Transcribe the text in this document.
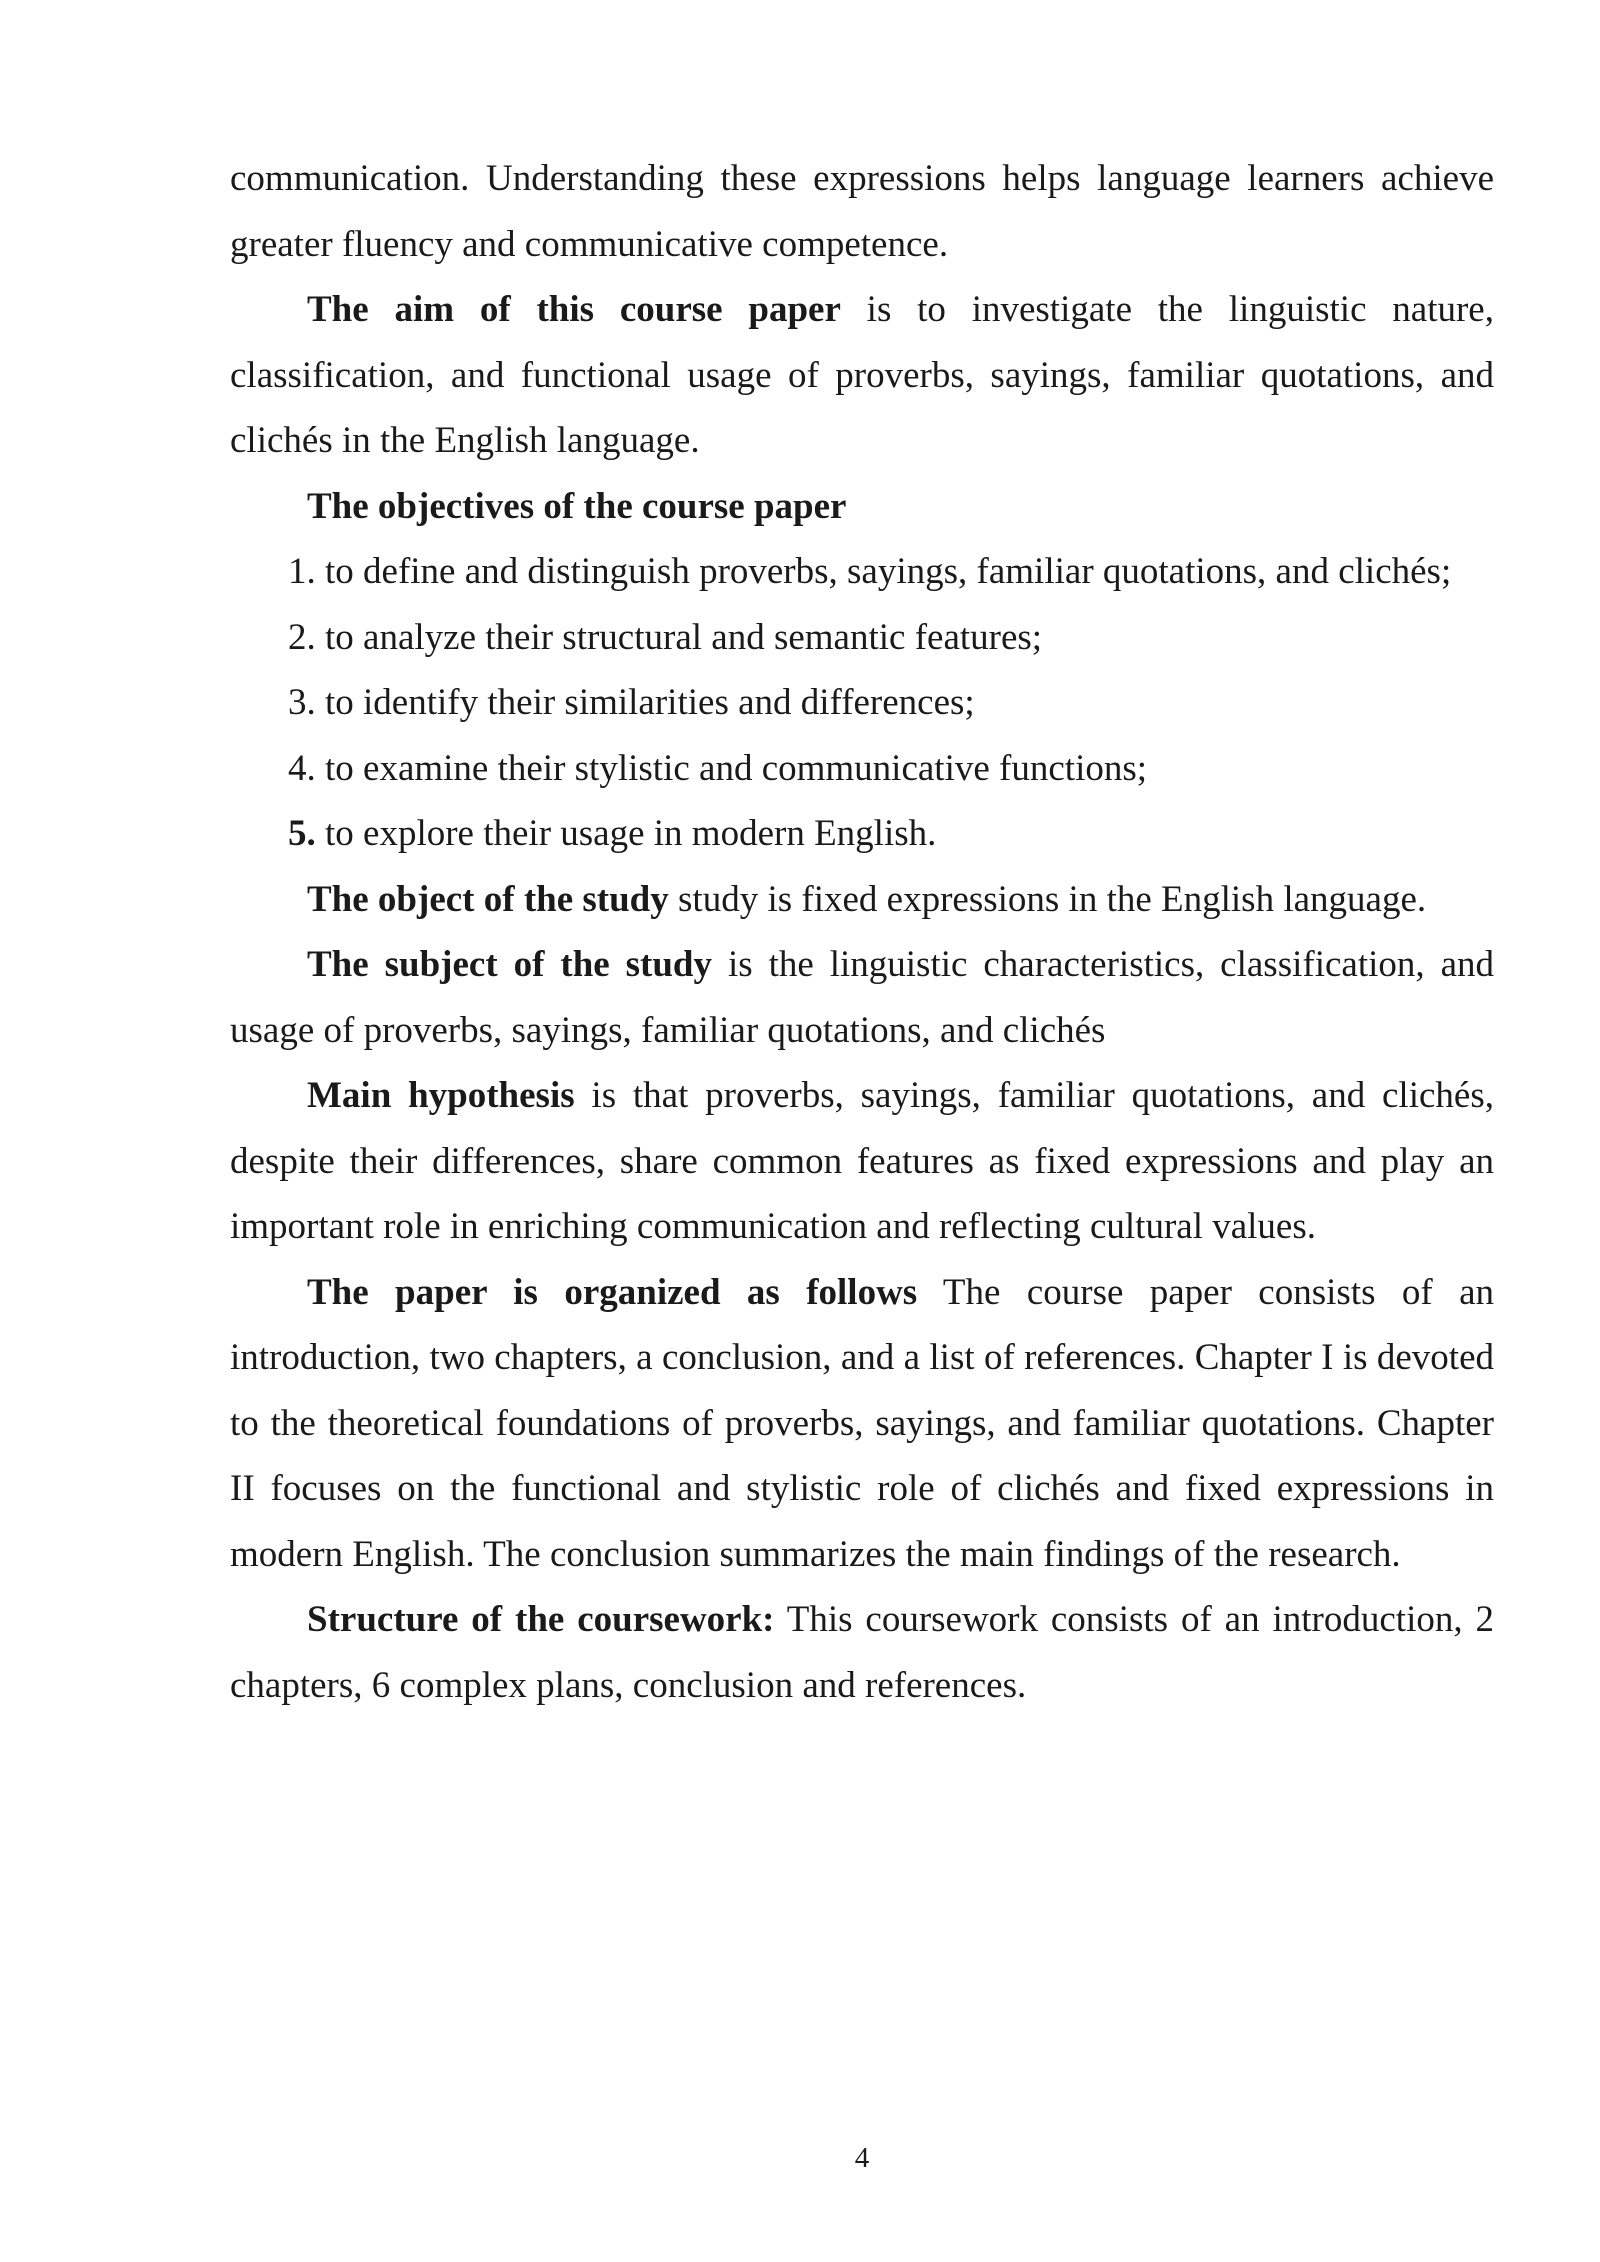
communication. Understanding these expressions helps language learners achieve greater fluency and communicative competence.

The aim of this course paper is to investigate the linguistic nature, classification, and functional usage of proverbs, sayings, familiar quotations, and clichés in the English language.

The objectives of the course paper

1. to define and distinguish proverbs, sayings, familiar quotations, and clichés;
2. to analyze their structural and semantic features;
3. to identify their similarities and differences;
4. to examine their stylistic and communicative functions;
5. to explore their usage in modern English.

The object of the study study is fixed expressions in the English language.

The subject of the study is the linguistic characteristics, classification, and usage of proverbs, sayings, familiar quotations, and clichés

Main hypothesis is that proverbs, sayings, familiar quotations, and clichés, despite their differences, share common features as fixed expressions and play an important role in enriching communication and reflecting cultural values.

The paper is organized as follows The course paper consists of an introduction, two chapters, a conclusion, and a list of references. Chapter I is devoted to the theoretical foundations of proverbs, sayings, and familiar quotations. Chapter II focuses on the functional and stylistic role of clichés and fixed expressions in modern English. The conclusion summarizes the main findings of the research.

Structure of the coursework: This coursework consists of an introduction, 2 chapters, 6 complex plans, conclusion and references.

4
